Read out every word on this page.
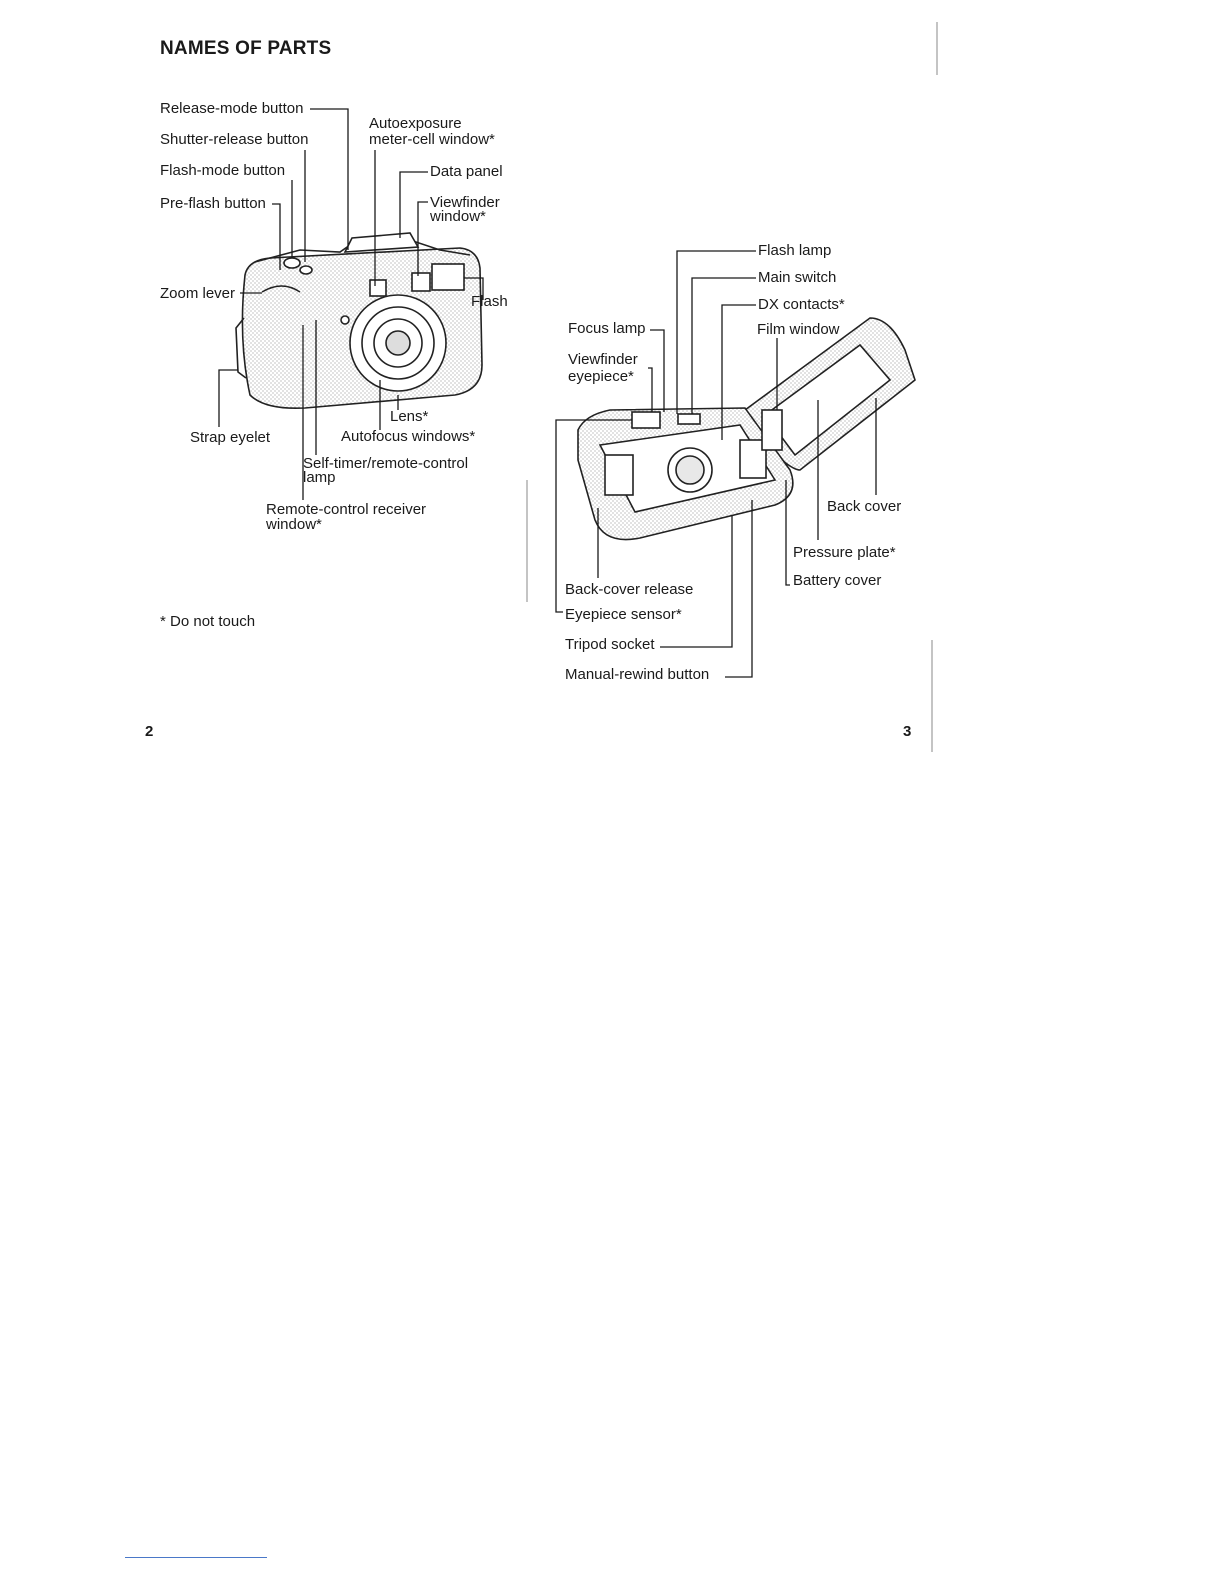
NAMES OF PARTS
Release-mode button
Shutter-release button
Flash-mode button
Pre-flash button
Autoexposure
meter-cell window*
Data panel
Viewfinder
window*
Zoom lever	Flash
Lens*
Strap eyelet	Autofocus windows*
Self-timer/remote-control
lamp
Remote-control receiver
window*
* Do not touch
Flash lamp
Main switch
DX contacts*
Film window
Focus lamp
Viewfinder
eyepiece*
Back cover
Pressure plate*
Battery cover
Back-cover release
Eyepiece sensor*
Tripod socket
Manual-rewind button
2	3
